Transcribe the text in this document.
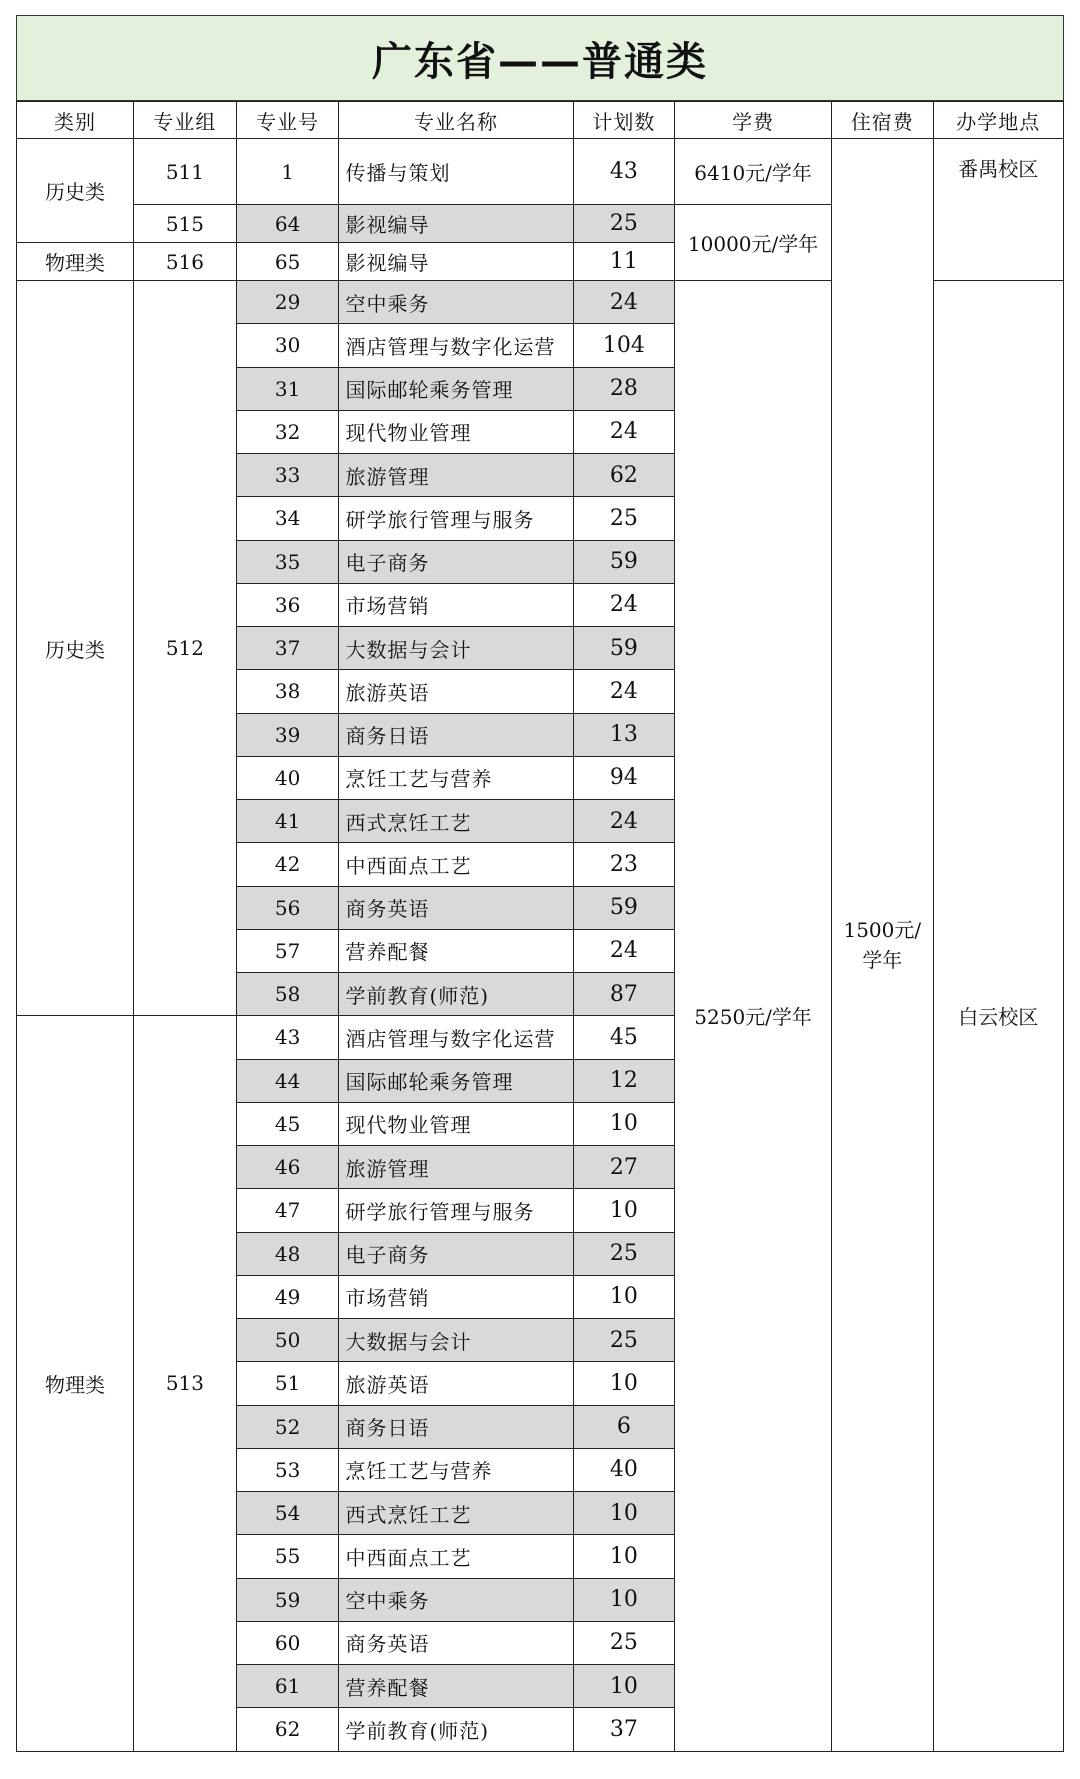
广东省——普通类
类别	专业组	专业号	专业名称	计划数	学费	住宿费	办学地点
历史类	511	1	传播与策划	43	6410元/学年	1500元/学年	番禺校区
	515	64	影视编导	25	10000元/学年		
物理类	516	65	影视编导	11			
历史类	512	29	空中乘务	24	5250元/学年		白云校区
		30	酒店管理与数字化运营	104			
		31	国际邮轮乘务管理	28			
		32	现代物业管理	24			
		33	旅游管理	62			
		34	研学旅行管理与服务	25			
		35	电子商务	59			
		36	市场营销	24			
		37	大数据与会计	59			
		38	旅游英语	24			
		39	商务日语	13			
		40	烹饪工艺与营养	94			
		41	西式烹饪工艺	24			
		42	中西面点工艺	23			
		56	商务英语	59			
		57	营养配餐	24			
		58	学前教育(师范)	87			
物理类	513	43	酒店管理与数字化运营	45			
		44	国际邮轮乘务管理	12			
		45	现代物业管理	10			
		46	旅游管理	27			
		47	研学旅行管理与服务	10			
		48	电子商务	25			
		49	市场营销	10			
		50	大数据与会计	25			
		51	旅游英语	10			
		52	商务日语	6			
		53	烹饪工艺与营养	40			
		54	西式烹饪工艺	10			
		55	中西面点工艺	10			
		59	空中乘务	10			
		60	商务英语	25			
		61	营养配餐	10			
		62	学前教育(师范)	37			
